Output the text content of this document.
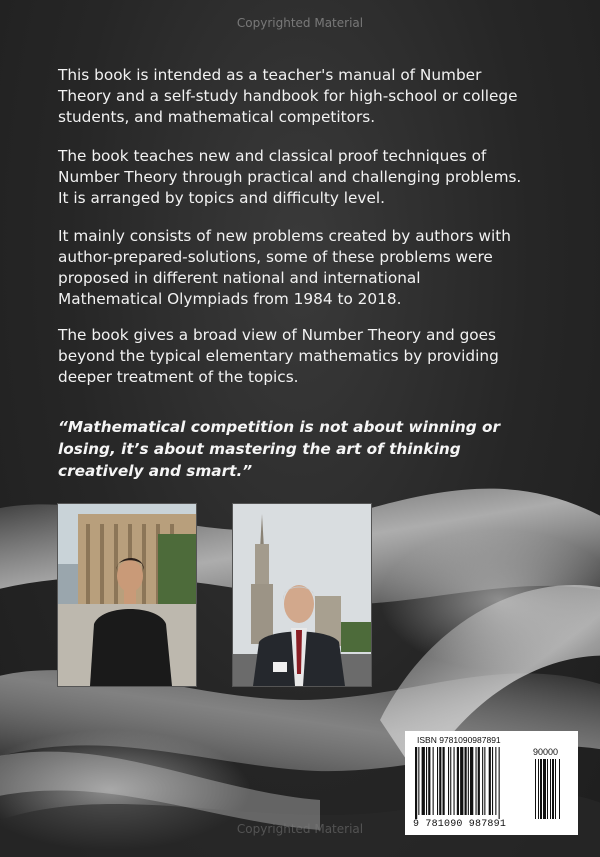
Copyrighted Material

This book is intended as a teacher's manual of Number Theory and a self-study handbook for high-school or college students, and mathematical competitors.

The book teaches new and classical proof techniques of Number Theory through practical and challenging problems. It is arranged by topics and difficulty level.

It mainly consists of new problems created by authors with author-prepared-solutions, some of these problems were proposed in different national and international Mathematical Olympiads from 1984 to 2018.

The book gives a broad view of Number Theory and goes beyond the typical elementary mathematics by providing deeper treatment of the topics.

“Mathematical competition is not about winning or losing, it’s about mastering the art of thinking creatively and smart.”

ISBN 9781090987891
90000
9 781090 987891
Copyrighted Material
